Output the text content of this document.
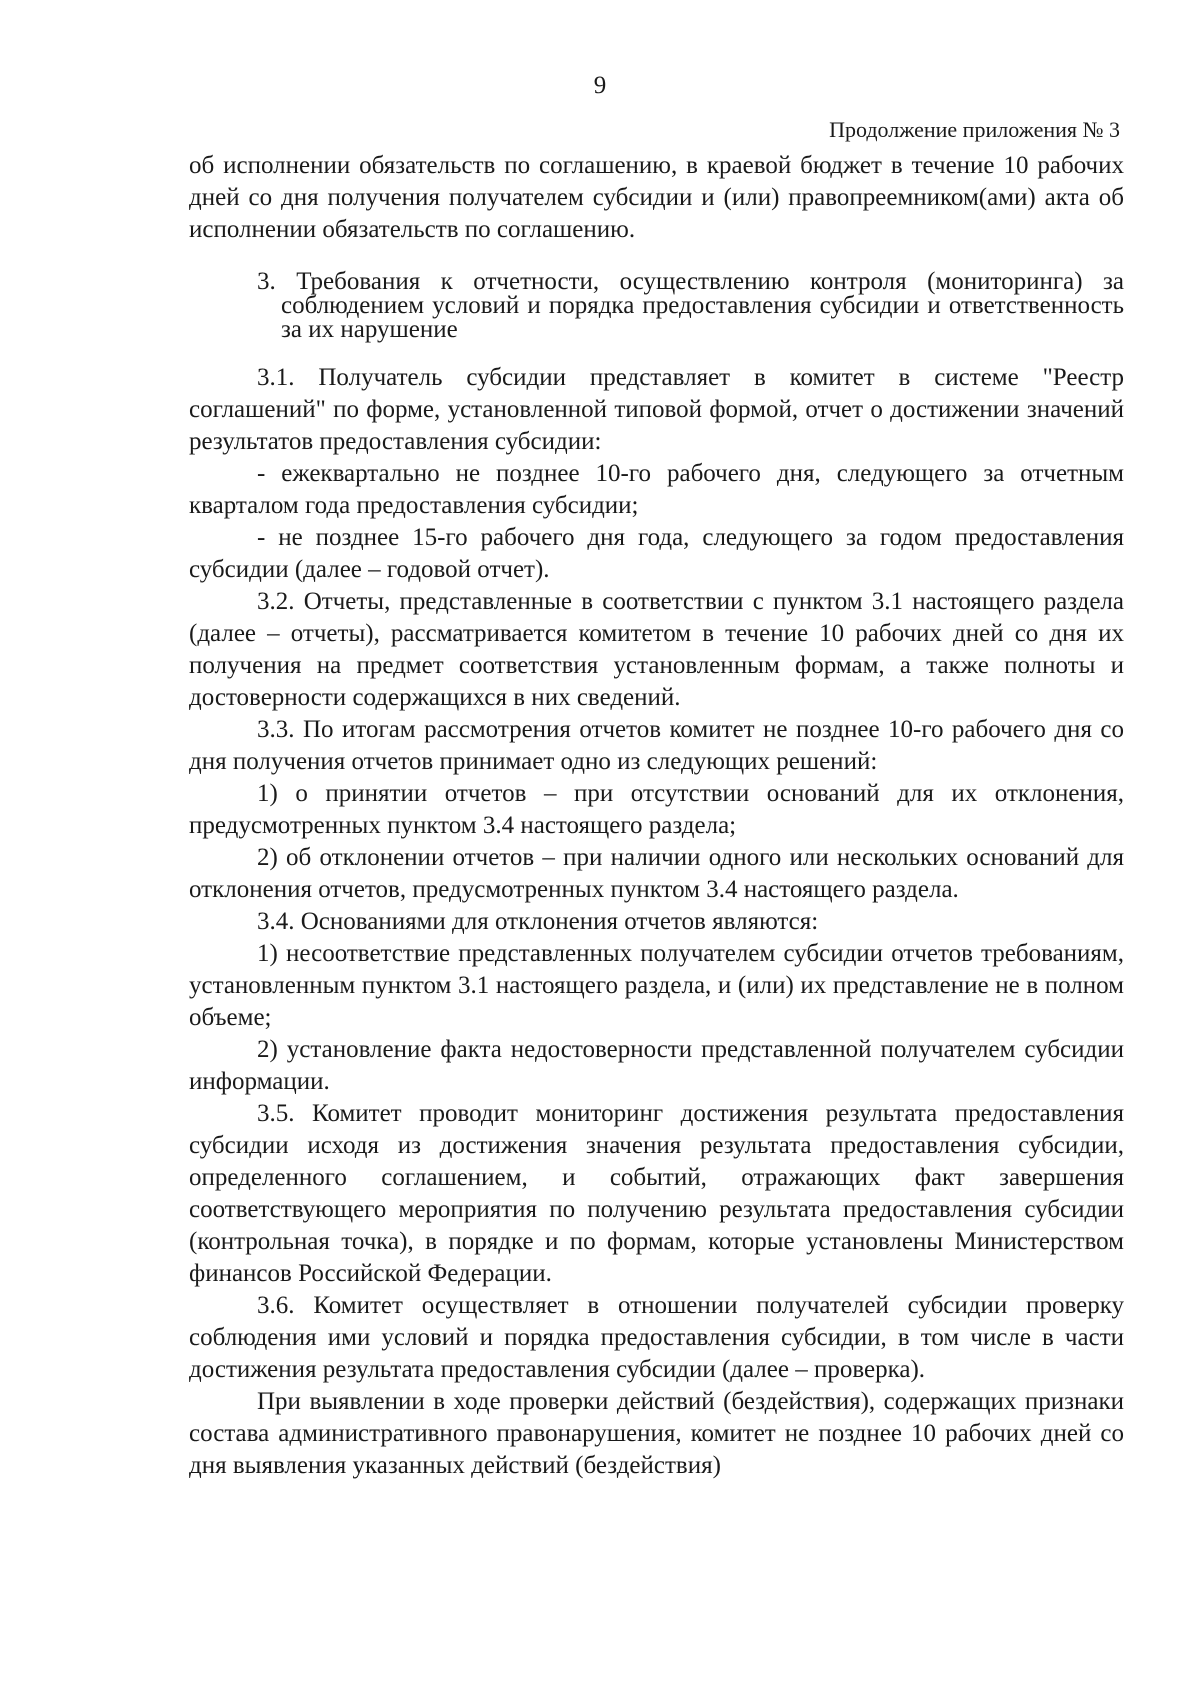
9
Продолжение приложения № 3

об исполнении обязательств по соглашению, в краевой бюджет в течение 10 рабочих дней со дня получения получателем субсидии и (или) правопреемником(ами) акта об исполнении обязательств по соглашению.

3. Требования к отчетности, осуществлению контроля (мониторинга) за
соблюдением условий и порядка предоставления субсидии и ответственность за их нарушение

3.1. Получатель субсидии представляет в комитет в системе "Реестр соглашений" по форме, установленной типовой формой, отчет о достижении значений результатов предоставления субсидии:

- ежеквартально не позднее 10-го рабочего дня, следующего за отчетным кварталом года предоставления субсидии;

- не позднее 15-го рабочего дня года, следующего за годом предоставления субсидии (далее – годовой отчет).

3.2. Отчеты, представленные в соответствии с пунктом 3.1 настоящего раздела (далее – отчеты), рассматривается комитетом в течение 10 рабочих дней со дня их получения на предмет соответствия установленным формам, а также полноты и достоверности содержащихся в них сведений.

3.3. По итогам рассмотрения отчетов комитет не позднее 10-го рабочего дня со дня получения отчетов принимает одно из следующих решений:

1) о принятии отчетов – при отсутствии оснований для их отклонения, предусмотренных пунктом 3.4 настоящего раздела;

2) об отклонении отчетов – при наличии одного или нескольких оснований для отклонения отчетов, предусмотренных пунктом 3.4 настоящего раздела.

3.4. Основаниями для отклонения отчетов являются:

1) несоответствие представленных получателем субсидии отчетов требованиям, установленным пунктом 3.1 настоящего раздела, и (или) их представление не в полном объеме;

2) установление факта недостоверности представленной получателем субсидии информации.

3.5. Комитет проводит мониторинг достижения результата предоставления субсидии исходя из достижения значения результата предоставления субсидии, определенного соглашением, и событий, отражающих факт завершения соответствующего мероприятия по получению результата предоставления субсидии (контрольная точка), в порядке и по формам, которые установлены Министерством финансов Российской Федерации.

3.6. Комитет осуществляет в отношении получателей субсидии проверку соблюдения ими условий и порядка предоставления субсидии, в том числе в части достижения результата предоставления субсидии (далее – проверка).

При выявлении в ходе проверки действий (бездействия), содержащих признаки состава административного правонарушения, комитет не позднее 10 рабочих дней со дня выявления указанных действий (бездействия)
